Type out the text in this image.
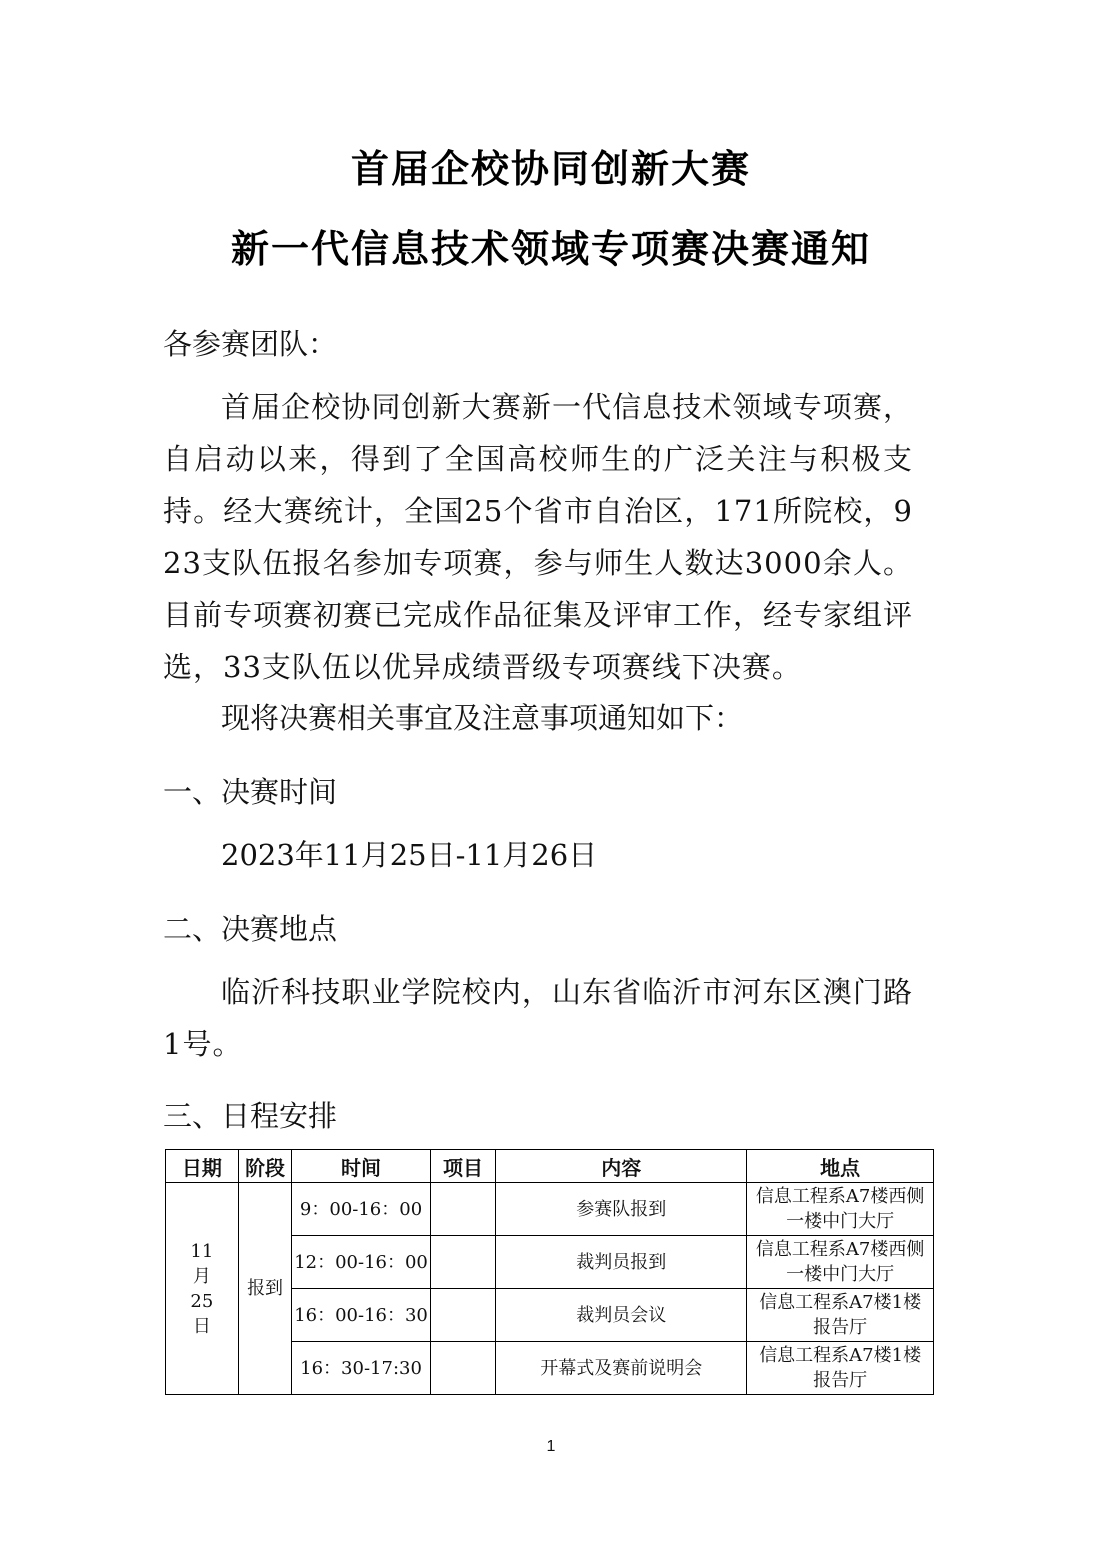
首届企校协同创新大赛
新一代信息技术领域专项赛决赛通知
各参赛团队：
首届企校协同创新大赛新一代信息技术领域专项赛，自启动以来，得到了全国高校师生的广泛关注与积极支持。经大赛统计，全国25个省市自治区，171所院校，923支队伍报名参加专项赛，参与师生人数达3000余人。目前专项赛初赛已完成作品征集及评审工作，经专家组评选，33支队伍以优异成绩晋级专项赛线下决赛。
现将决赛相关事宜及注意事项通知如下：
一、决赛时间
2023年11月25日-11月26日
二、决赛地点
临沂科技职业学院校内，山东省临沂市河东区澳门路1号。
三、日程安排
日期	阶段	时间	项目	内容	地点
11月25日	报到	9：00-16：00		参赛队报到	信息工程系A7楼西侧一楼中门大厅
		12：00-16：00		裁判员报到	信息工程系A7楼西侧一楼中门大厅
		16：00-16：30		裁判员会议	信息工程系A7楼1楼报告厅
		16：30-17:30		开幕式及赛前说明会	信息工程系A7楼1楼报告厅
1
